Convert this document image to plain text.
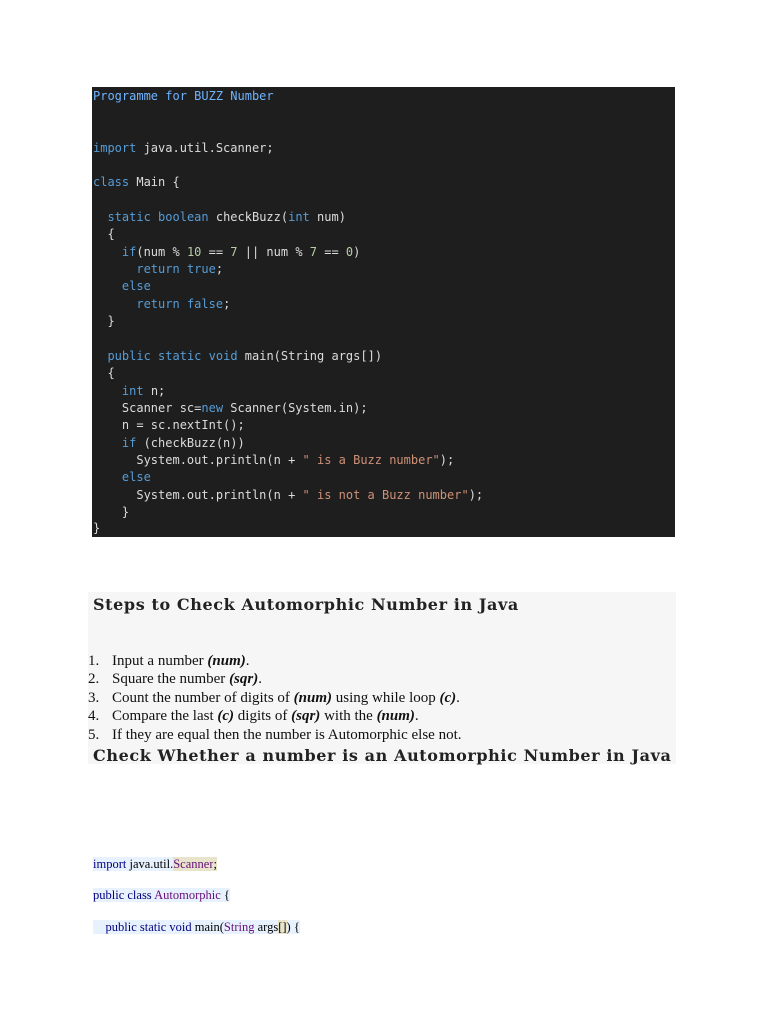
Programme for BUZZ Number
import java.util.Scanner;
class Main {
static boolean checkBuzz(int num)
{
if(num % 10 == 7 || num % 7 == 0)
return true;
else
return false;
}
public static void main(String args[])
{
int n;
Scanner sc=new Scanner(System.in);
n = sc.nextInt();
if (checkBuzz(n))
System.out.println(n + " is a Buzz number");
else
System.out.println(n + " is not a Buzz number");
}
}
Steps to Check Automorphic Number in Java
1. Input a number (num).
2. Square the number (sqr).
3. Count the number of digits of (num) using while loop (c).
4. Compare the last (c) digits of (sqr) with the (num).
5. If they are equal then the number is Automorphic else not.
Check Whether a number is an Automorphic Number in Java
import java.util.Scanner;
public class Automorphic {
public static void main(String args[]) {
